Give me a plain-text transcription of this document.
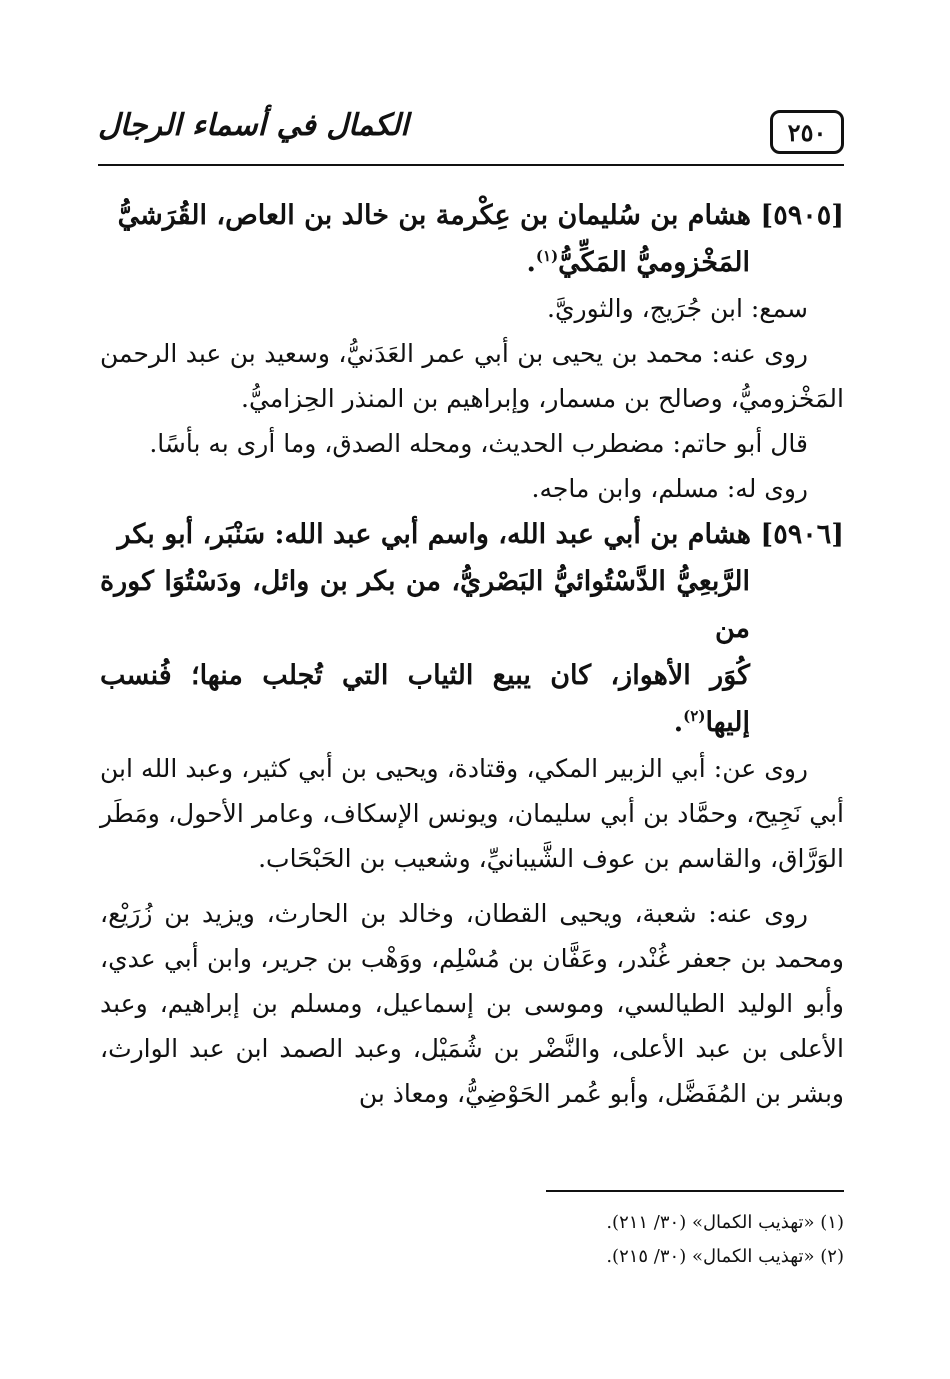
٢٥٠
الكمال في أسماء الرجال
[٥٩٠٥] هشام بن سُليمان بن عِكْرمة بن خالد بن العاص، القُرَشيُّ
المَخْزوميُّ المَكِّيُّ$^{(١)}$.

سمع: ابن جُرَيج، والثوريَّ.

روى عنه: محمد بن يحيى بن أبي عمر العَدَنيُّ، وسعيد بن عبد الرحمن المَخْزوميُّ، وصالح بن مسمار، وإبراهيم بن المنذر الحِزاميُّ.

قال أبو حاتم: مضطرب الحديث، ومحله الصدق، وما أرى به بأسًا.

روى له: مسلم، وابن ماجه.

[٥٩٠٦] هشام بن أبي عبد الله، واسم أبي عبد الله: سَنْبَر، أبو بكر
الرَّبعِيُّ الدَّسْتُوائيُّ البَصْريُّ، من بكر بن وائل، ودَسْتُوَا كورة من
كُوَر الأهواز، كان يبيع الثياب التي تُجلب منها؛ فُنسب إليها$^{(٢)}$.

روى عن: أبي الزبير المكي، وقتادة، ويحيى بن أبي كثير، وعبد الله ابن أبي نَجِيح، وحمَّاد بن أبي سليمان، ويونس الإسكاف، وعامر الأحول، ومَطَر الوَرَّاق، والقاسم بن عوف الشَّيبانيِّ، وشعيب بن الحَبْحَاب.

روى عنه: شعبة، ويحيى القطان، وخالد بن الحارث، ويزيد بن زُرَيْع، ومحمد بن جعفر غُنْدر، وعَفَّان بن مُسْلِم، ووَهْب بن جرير، وابن أبي عدي، وأبو الوليد الطيالسي، وموسى بن إسماعيل، ومسلم بن إبراهيم، وعبد الأعلى بن عبد الأعلى، والنَّضْر بن شُمَيْل، وعبد الصمد ابن عبد الوارث، وبشر بن المُفَضَّل، وأبو عُمر الحَوْضِيُّ، ومعاذ بن

(١) «تهذيب الكمال» (٣٠/ ٢١١).

(٢) «تهذيب الكمال» (٣٠/ ٢١٥).
